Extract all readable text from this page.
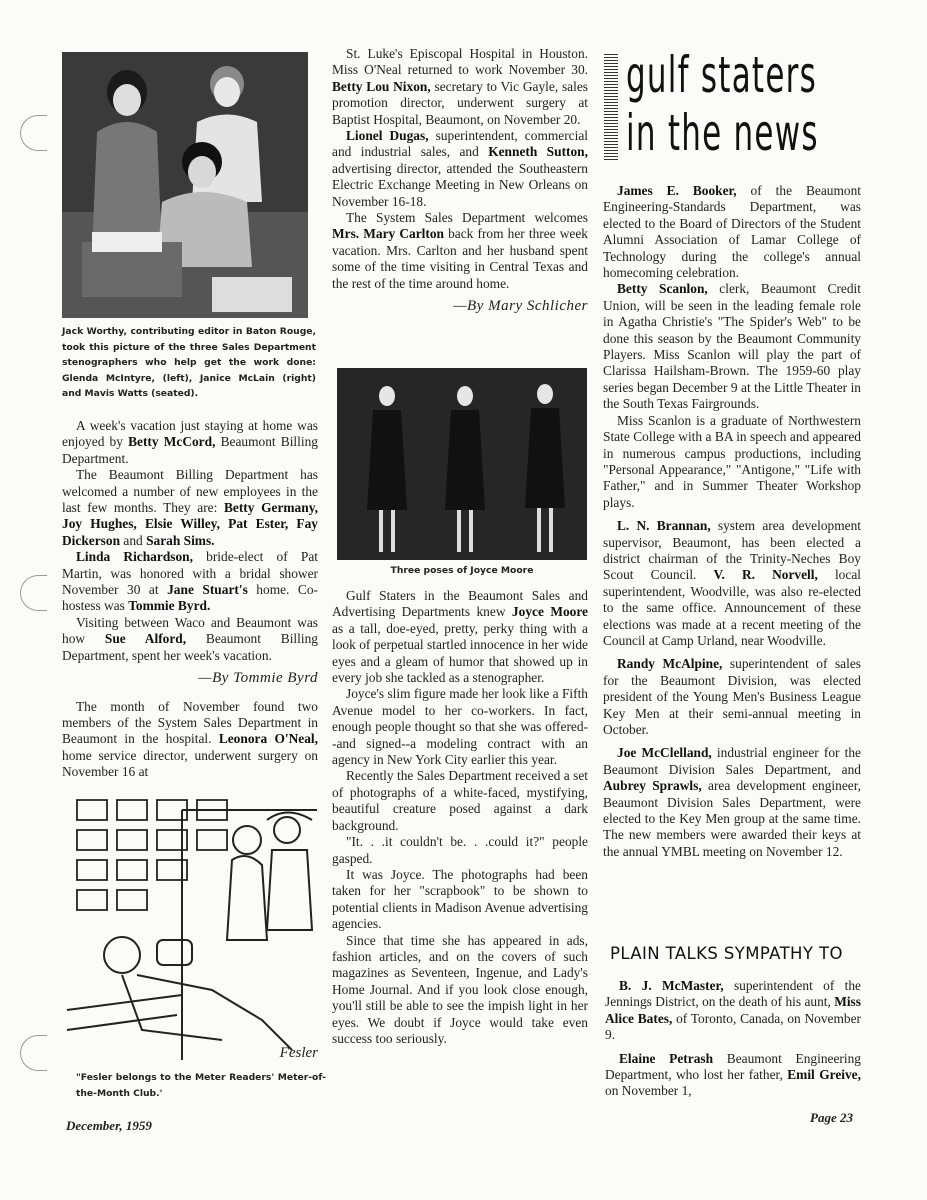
Jack Worthy, contributing editor in Baton Rouge, took this picture of the three Sales Department stenographers who help get the work done: Glenda McIntyre, (left), Janice McLain (right) and Mavis Watts (seated).

A week's vacation just staying at home was enjoyed by Betty McCord, Beaumont Billing Department.

The Beaumont Billing Department has welcomed a number of new employees in the last few months. They are: Betty Germany, Joy Hughes, Elsie Willey, Pat Ester, Fay Dickerson and Sarah Sims.

Linda Richardson, bride-elect of Pat Martin, was honored with a bridal shower November 30 at Jane Stuart's home. Co-hostess was Tommie Byrd.

Visiting between Waco and Beaumont was how Sue Alford, Beaumont Billing Department, spent her week's vacation.

—By Tommie Byrd

The month of November found two members of the System Sales Department in Beaumont in the hospital. Leonora O'Neal, home service director, underwent surgery on November 16 at

Fesler
"Fesler belongs to the Meter Readers' Meter-of-the-Month Club.'
December, 1959

St. Luke's Episcopal Hospital in Houston. Miss O'Neal returned to work November 30. Betty Lou Nixon, secretary to Vic Gayle, sales promotion director, underwent surgery at Baptist Hospital, Beaumont, on November 20.

Lionel Dugas, superintendent, commercial and industrial sales, and Kenneth Sutton, advertising director, attended the Southeastern Electric Exchange Meeting in New Orleans on November 16-18.

The System Sales Department welcomes Mrs. Mary Carlton back from her three week vacation. Mrs. Carlton and her husband spent some of the time visiting in Central Texas and the rest of the time around home.

—By Mary Schlicher
Three poses of Joyce Moore

Gulf Staters in the Beaumont Sales and Advertising Departments knew Joyce Moore as a tall, doe-eyed, pretty, perky thing with a look of perpetual startled innocence in her wide eyes and a gleam of humor that showed up in every job she tackled as a stenographer.

Joyce's slim figure made her look like a Fifth Avenue model to her co-workers. In fact, enough people thought so that she was offered--and signed--a modeling contract with an agency in New York City earlier this year.

Recently the Sales Department received a set of photographs of a white-faced, mystifying, beautiful creature posed against a dark background.

"It. . .it couldn't be. . .could it?" people gasped.

It was Joyce. The photographs had been taken for her "scrapbook" to be shown to potential clients in Madison Avenue advertising agencies.

Since that time she has appeared in ads, fashion articles, and on the covers of such magazines as Seventeen, Ingenue, and Lady's Home Journal. And if you look close enough, you'll still be able to see the impish light in her eyes. We doubt if Joyce would take even success too seriously.

gulf staters
in the news

James E. Booker, of the Beaumont Engineering-Standards Department, was elected to the Board of Directors of the Student Alumni Association of Lamar College of Technology during the college's annual homecoming celebration.

Betty Scanlon, clerk, Beaumont Credit Union, will be seen in the leading female role in Agatha Christie's "The Spider's Web" to be done this season by the Beaumont Community Players. Miss Scanlon will play the part of Clarissa Hailsham-Brown. The 1959-60 play series began December 9 at the Little Theater in the South Texas Fairgrounds.

Miss Scanlon is a graduate of Northwestern State College with a BA in speech and appeared in numerous campus productions, including "Personal Appearance," "Antigone," "Life with Father," and in Summer Theater Workshop plays.

L. N. Brannan, system area development supervisor, Beaumont, has been elected a district chairman of the Trinity-Neches Boy Scout Council. V. R. Norvell, local superintendent, Woodville, was also re-elected to the same office. Announcement of these elections was made at a recent meeting of the Council at Camp Urland, near Woodville.

Randy McAlpine, superintendent of sales for the Beaumont Division, was elected president of the Young Men's Business League Key Men at their semi-annual meeting in October.

Joe McClelland, industrial engineer for the Beaumont Division Sales Department, and Aubrey Sprawls, area development engineer, Beaumont Division Sales Department, were elected to the Key Men group at the same time. The new members were awarded their keys at the annual YMBL meeting on November 12.

PLAIN TALKS SYMPATHY TO

B. J. McMaster, superintendent of the Jennings District, on the death of his aunt, Miss Alice Bates, of Toronto, Canada, on November 9.

Elaine Petrash Beaumont Engineering Department, who lost her father, Emil Greive, on November 1,

Page 23
